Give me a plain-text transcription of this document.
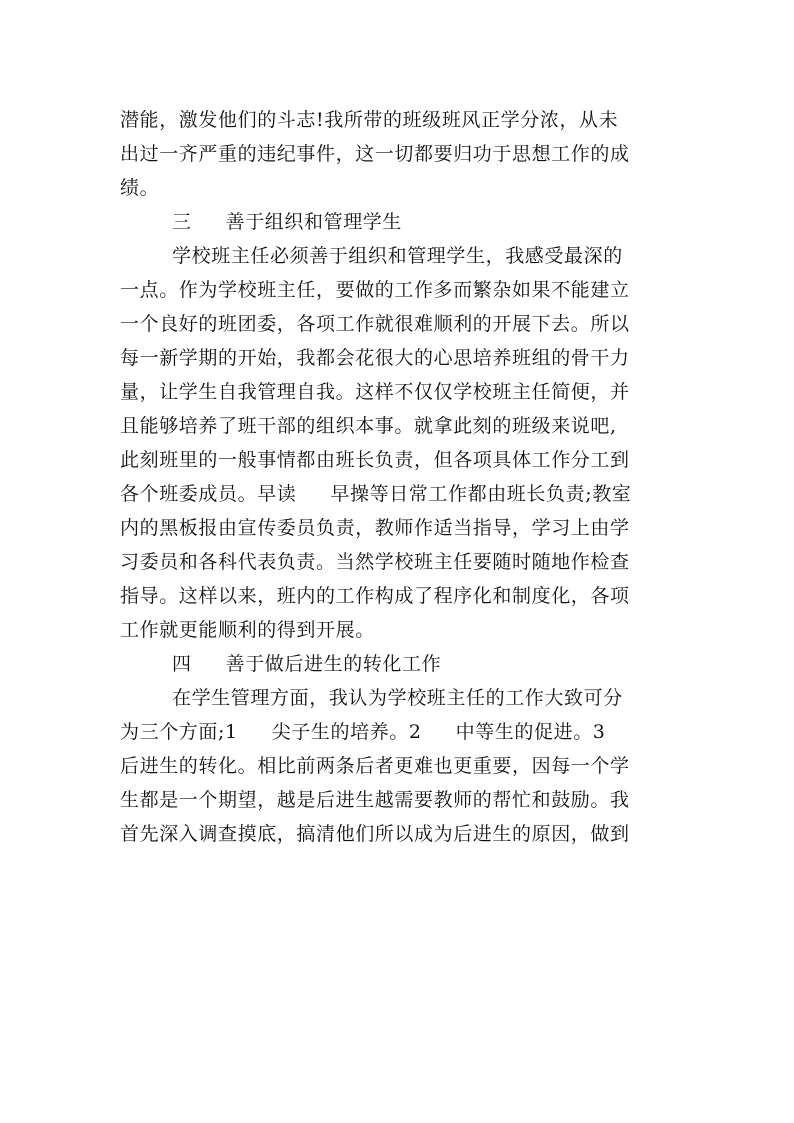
潜能，激发他们的斗志!我所带的班级班风正学分浓，从未
出过一齐严重的违纪事件，这一切都要归功于思想工作的成
绩。
三 善于组织和管理学生
学校班主任必须善于组织和管理学生，我感受最深的
一点。作为学校班主任，要做的工作多而繁杂如果不能建立
一个良好的班团委，各项工作就很难顺利的开展下去。所以
每一新学期的开始，我都会花很大的心思培养班组的骨干力
量，让学生自我管理自我。这样不仅仅学校班主任简便，并
且能够培养了班干部的组织本事。就拿此刻的班级来说吧,
此刻班里的一般事情都由班长负责，但各项具体工作分工到
各个班委成员。早读 早操等日常工作都由班长负责;教室
内的黑板报由宣传委员负责，教师作适当指导，学习上由学
习委员和各科代表负责。当然学校班主任要随时随地作检查
指导。这样以来，班内的工作构成了程序化和制度化，各项
工作就更能顺利的得到开展。
四 善于做后进生的转化工作
在学生管理方面，我认为学校班主任的工作大致可分
为三个方面;1 尖子生的培养。2 中等生的促进。3
后进生的转化。相比前两条后者更难也更重要，因每一个学
生都是一个期望，越是后进生越需要教师的帮忙和鼓励。我
首先深入调查摸底，搞清他们所以成为后进生的原因，做到
